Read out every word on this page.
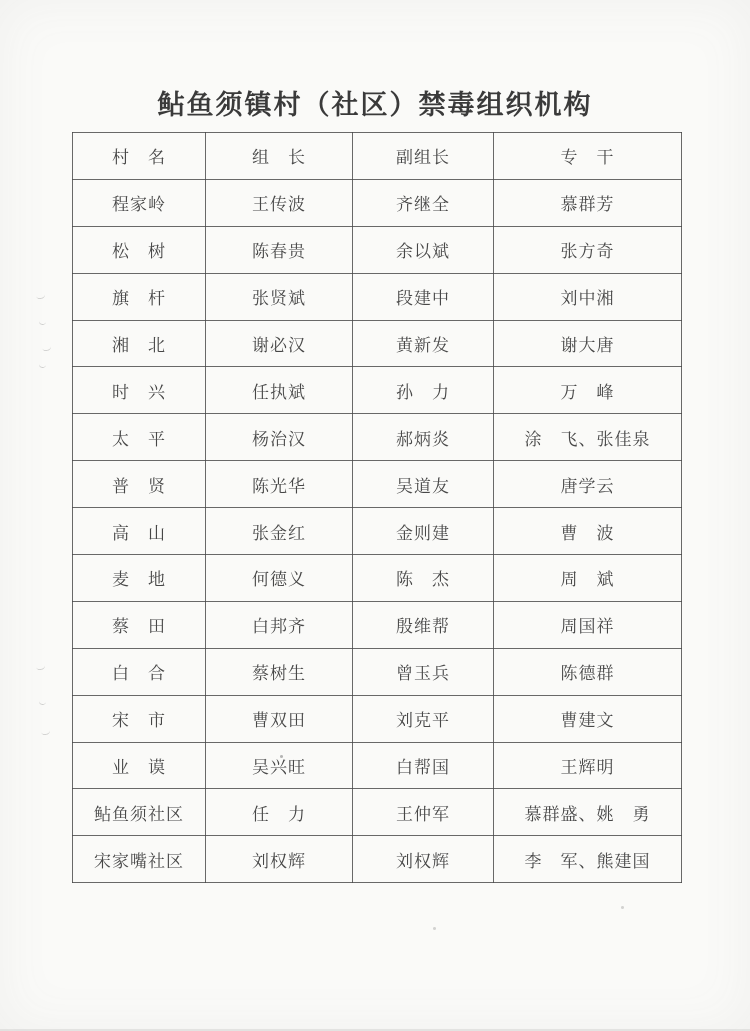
鲇鱼须镇村（社区）禁毒组织机构
村　名	组　长	副组长	专　干
程家岭	王传波	齐继全	慕群芳
松　树	陈春贵	余以斌	张方奇
旗　杆	张贤斌	段建中	刘中湘
湘　北	谢必汉	黄新发	谢大唐
时　兴	任执斌	孙　力	万　峰
太　平	杨治汉	郝炳炎	涂　飞、张佳泉
普　贤	陈光华	吴道友	唐学云
高　山	张金红	金则建	曹　波
麦　地	何德义	陈　杰	周　斌
蔡　田	白邦齐	殷维帮	周国祥
白　合	蔡树生	曾玉兵	陈德群
宋　市	曹双田	刘克平	曹建文
业　谟	吴兴旺	白帮国	王辉明
鲇鱼须社区	任　力	王仲军	慕群盛、姚　勇
宋家嘴社区	刘权辉	刘权辉	李　军、熊建国
